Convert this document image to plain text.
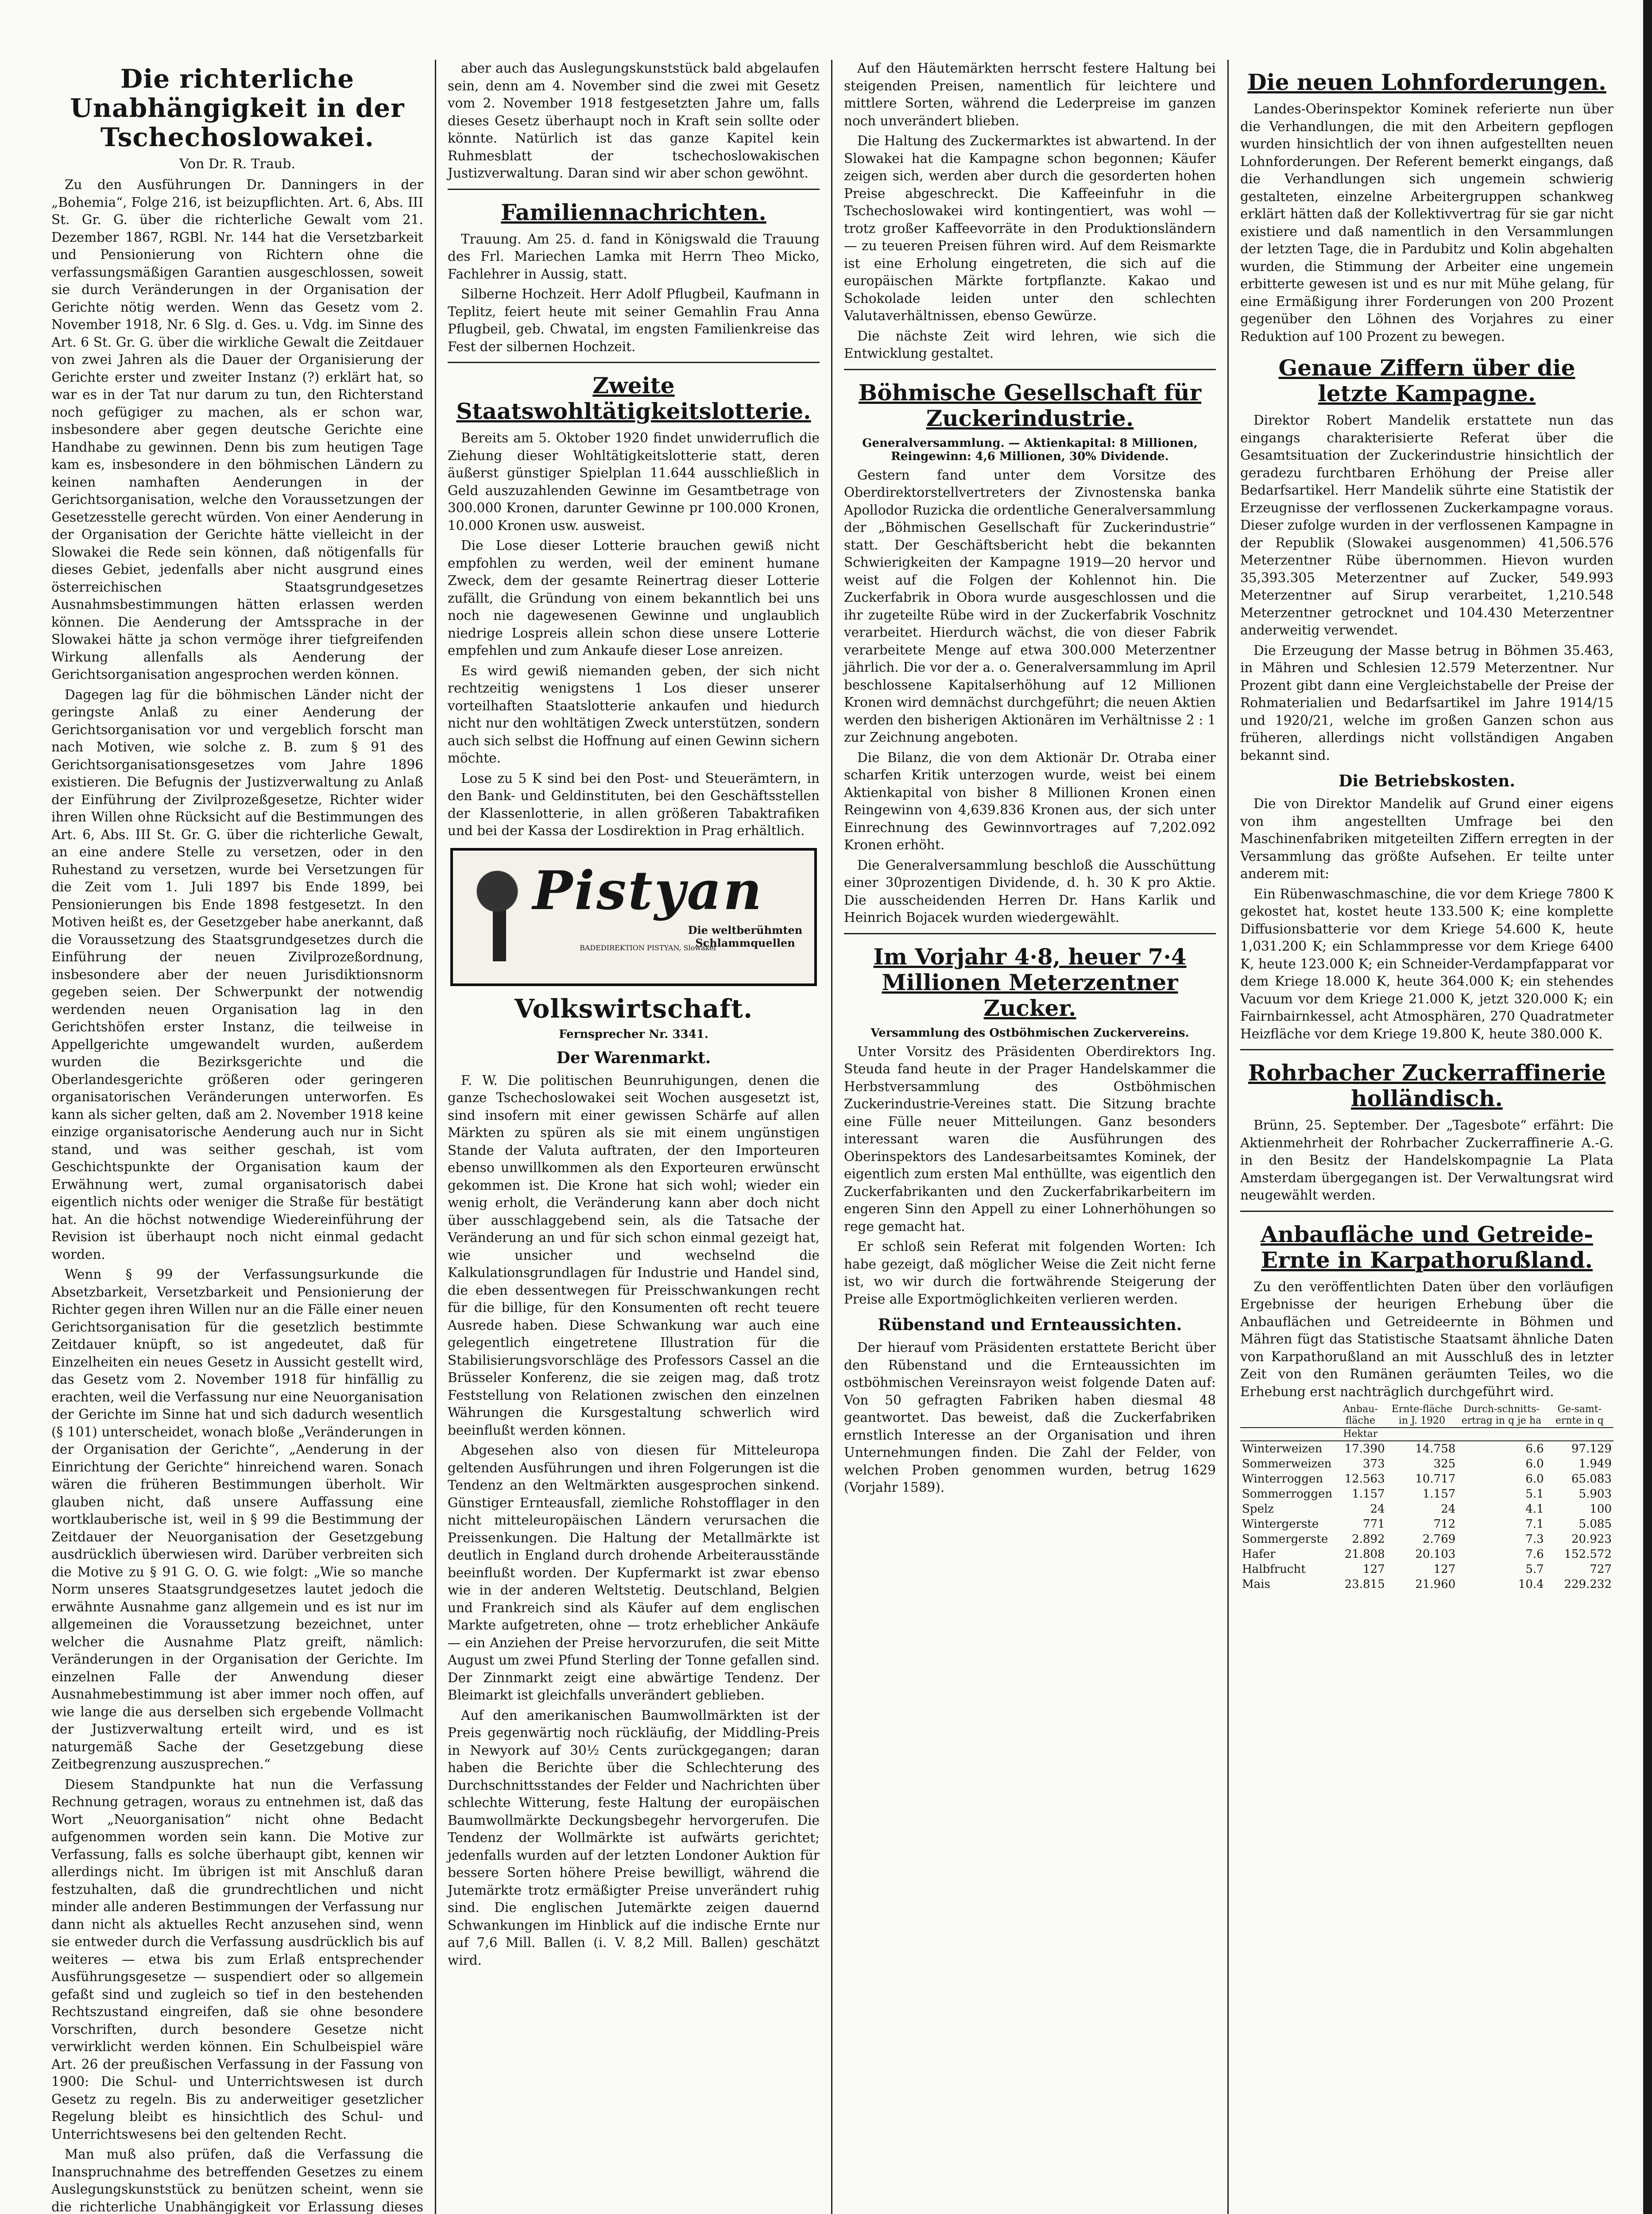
Die richterliche Unabhängigkeit in der Tschechoslowakei.
Von Dr. R. Traub.

Zu den Ausführungen Dr. Danningers in der „Bohemia“, Folge 216, ist beizupflichten. Art. 6, Abs. III St. Gr. G. über die richterliche Gewalt vom 21. Dezember 1867, RGBl. Nr. 144 hat die Versetzbarkeit und Pensionierung von Richtern ohne die verfassungsmäßigen Garantien ausgeschlossen, soweit sie durch Veränderungen in der Organisation der Gerichte nötig werden. Wenn das Gesetz vom 2. November 1918, Nr. 6 Slg. d. Ges. u. Vdg. im Sinne des Art. 6 St. Gr. G. über die wirkliche Gewalt die Zeitdauer von zwei Jahren als die Dauer der Organisierung der Gerichte erster und zweiter Instanz (?) erklärt hat, so war es in der Tat nur darum zu tun, den Richterstand noch gefügiger zu machen, als er schon war, insbesondere aber gegen deutsche Gerichte eine Handhabe zu gewinnen. Denn bis zum heutigen Tage kam es, insbesondere in den böhmischen Ländern zu keinen namhaften Aenderungen in der Gerichtsorganisation, welche den Voraussetzungen der Gesetzesstelle gerecht würden. Von einer Aenderung in der Organisation der Gerichte hätte vielleicht in der Slowakei die Rede sein können, daß nötigenfalls für dieses Gebiet, jedenfalls aber nicht ausgrund eines österreichischen Staatsgrundgesetzes Ausnahmsbestimmungen hätten erlassen werden können. Die Aenderung der Amtssprache in der Slowakei hätte ja schon vermöge ihrer tiefgreifenden Wirkung allenfalls als Aenderung der Gerichtsorganisation angesprochen werden können.

Dagegen lag für die böhmischen Länder nicht der geringste Anlaß zu einer Aenderung der Gerichtsorganisation vor und vergeblich forscht man nach Motiven, wie solche z. B. zum § 91 des Gerichtsorganisationsgesetzes vom Jahre 1896 existieren. Die Befugnis der Justizverwaltung zu Anlaß der Einführung der Zivilprozeßgesetze, Richter wider ihren Willen ohne Rücksicht auf die Bestimmungen des Art. 6, Abs. III St. Gr. G. über die richterliche Gewalt, an eine andere Stelle zu versetzen, oder in den Ruhestand zu versetzen, wurde bei Versetzungen für die Zeit vom 1. Juli 1897 bis Ende 1899, bei Pensionierungen bis Ende 1898 festgesetzt. In den Motiven heißt es, der Gesetzgeber habe anerkannt, daß die Voraussetzung des Staatsgrundgesetzes durch die Einführung der neuen Zivilprozeßordnung, insbesondere aber der neuen Jurisdiktionsnorm gegeben seien. Der Schwerpunkt der notwendig werdenden neuen Organisation lag in den Gerichtshöfen erster Instanz, die teilweise in Appellgerichte umgewandelt wurden, außerdem wurden die Bezirksgerichte und die Oberlandesgerichte größeren oder geringeren organisatorischen Veränderungen unterworfen. Es kann als sicher gelten, daß am 2. November 1918 keine einzige organisatorische Aenderung auch nur in Sicht stand, und was seither geschah, ist vom Geschichtspunkte der Organisation kaum der Erwähnung wert, zumal organisatorisch dabei eigentlich nichts oder weniger die Straße für bestätigt hat. An die höchst notwendige Wiedereinführung der Revision ist überhaupt noch nicht einmal gedacht worden.

Wenn § 99 der Verfassungsurkunde die Absetzbarkeit, Versetzbarkeit und Pensionierung der Richter gegen ihren Willen nur an die Fälle einer neuen Gerichtsorganisation für die gesetzlich bestimmte Zeitdauer knüpft, so ist angedeutet, daß für Einzelheiten ein neues Gesetz in Aussicht gestellt wird, das Gesetz vom 2. November 1918 für hinfällig zu erachten, weil die Verfassung nur eine Neuorganisation der Gerichte im Sinne hat und sich dadurch wesentlich (§ 101) unterscheidet, wonach bloße „Veränderungen in der Organisation der Gerichte“, „Aenderung in der Einrichtung der Gerichte“ hinreichend waren. Sonach wären die früheren Bestimmungen überholt. Wir glauben nicht, daß unsere Auffassung eine wortklauberische ist, weil in § 99 die Bestimmung der Zeitdauer der Neuorganisation der Gesetzgebung ausdrücklich überwiesen wird. Darüber verbreiten sich die Motive zu § 91 G. O. G. wie folgt: „Wie so manche Norm unseres Staatsgrundgesetzes lautet jedoch die erwähnte Ausnahme ganz allgemein und es ist nur im allgemeinen die Voraussetzung bezeichnet, unter welcher die Ausnahme Platz greift, nämlich: Veränderungen in der Organisation der Gerichte. Im einzelnen Falle der Anwendung dieser Ausnahmebestimmung ist aber immer noch offen, auf wie lange die aus derselben sich ergebende Vollmacht der Justizverwaltung erteilt wird, und es ist naturgemäß Sache der Gesetzgebung diese Zeitbegrenzung auszusprechen.“

Diesem Standpunkte hat nun die Verfassung Rechnung getragen, woraus zu entnehmen ist, daß das Wort „Neuorganisation“ nicht ohne Bedacht aufgenommen worden sein kann. Die Motive zur Verfassung, falls es solche überhaupt gibt, kennen wir allerdings nicht. Im übrigen ist mit Anschluß daran festzuhalten, daß die grundrechtlichen und nicht minder alle anderen Bestimmungen der Verfassung nur dann nicht als aktuelles Recht anzusehen sind, wenn sie entweder durch die Verfassung ausdrücklich bis auf weiteres — etwa bis zum Erlaß entsprechender Ausführungsgesetze — suspendiert oder so allgemein gefaßt sind und zugleich so tief in den bestehenden Rechtszustand eingreifen, daß sie ohne besondere Vorschriften, durch besondere Gesetze nicht verwirklicht werden können. Ein Schulbeispiel wäre Art. 26 der preußischen Verfassung in der Fassung von 1900: Die Schul- und Unterrichtswesen ist durch Gesetz zu regeln. Bis zu anderweitiger gesetzlicher Regelung bleibt es hinsichtlich des Schul- und Unterrichtswesens bei den geltenden Recht.

Man muß also prüfen, daß die Verfassung die Inanspruchnahme des betreffenden Gesetzes zu einem Auslegungskunststück zu benützen scheint, wenn sie die richterliche Unabhängigkeit vor Erlassung dieses

aber auch das Auslegungskunststück bald abgelaufen sein, denn am 4. November sind die zwei mit Gesetz vom 2. November 1918 festgesetzten Jahre um, falls dieses Gesetz überhaupt noch in Kraft sein sollte oder könnte. Natürlich ist das ganze Kapitel kein Ruhmesblatt der tschechoslowakischen Justizverwaltung. Daran sind wir aber schon gewöhnt.

Familiennachrichten.

Trauung. Am 25. d. fand in Königswald die Trauung des Frl. Mariechen Lamka mit Herrn Theo Micko, Fachlehrer in Aussig, statt.

Silberne Hochzeit. Herr Adolf Pflugbeil, Kaufmann in Teplitz, feiert heute mit seiner Gemahlin Frau Anna Pflugbeil, geb. Chwatal, im engsten Familienkreise das Fest der silbernen Hochzeit.

Zweite Staatswohltätigkeitslotterie.

Bereits am 5. Oktober 1920 findet unwiderruflich die Ziehung dieser Wohltätigkeitslotterie statt, deren äußerst günstiger Spielplan 11.644 ausschließlich in Geld auszuzahlenden Gewinne im Gesamtbetrage von 300.000 Kronen, darunter Gewinne pr 100.000 Kronen, 10.000 Kronen usw. ausweist.

Die Lose dieser Lotterie brauchen gewiß nicht empfohlen zu werden, weil der eminent humane Zweck, dem der gesamte Reinertrag dieser Lotterie zufällt, die Gründung von einem bekanntlich bei uns noch nie dagewesenen Gewinne und unglaublich niedrige Lospreis allein schon diese unsere Lotterie empfehlen und zum Ankaufe dieser Lose anreizen.

Es wird gewiß niemanden geben, der sich nicht rechtzeitig wenigstens 1 Los dieser unserer vorteilhaften Staatslotterie ankaufen und hiedurch nicht nur den wohltätigen Zweck unterstützen, sondern auch sich selbst die Hoffnung auf einen Gewinn sichern möchte.

Lose zu 5 K sind bei den Post- und Steuerämtern, in den Bank- und Geldinstituten, bei den Geschäftsstellen der Klassenlotterie, in allen größeren Tabaktrafiken und bei der Kassa der Losdirektion in Prag erhältlich.

Pistyan
Die weltberühmten Schlammquellen
BADEDIREKTION PISTYAN, Slowakei
Volkswirtschaft.
Fernsprecher Nr. 3341.
Der Warenmarkt.

F. W. Die politischen Beunruhigungen, denen die ganze Tschechoslowakei seit Wochen ausgesetzt ist, sind insofern mit einer gewissen Schärfe auf allen Märkten zu spüren als sie mit einem ungünstigen Stande der Valuta auftraten, der den Importeuren ebenso unwillkommen als den Exporteuren erwünscht gekommen ist. Die Krone hat sich wohl; wieder ein wenig erholt, die Veränderung kann aber doch nicht über ausschlaggebend sein, als die Tatsache der Veränderung an und für sich schon einmal gezeigt hat, wie unsicher und wechselnd die Kalkulationsgrundlagen für Industrie und Handel sind, die eben dessentwegen für Preisschwankungen recht für die billige, für den Konsumenten oft recht teuere Ausrede haben. Diese Schwankung war auch eine gelegentlich eingetretene Illustration für die Stabilisierungsvorschläge des Professors Cassel an die Brüsseler Konferenz, die sie zeigen mag, daß trotz Feststellung von Relationen zwischen den einzelnen Währungen die Kursgestaltung schwerlich wird beeinflußt werden können.

Abgesehen also von diesen für Mitteleuropa geltenden Ausführungen und ihren Folgerungen ist die Tendenz an den Weltmärkten ausgesprochen sinkend. Günstiger Ernteausfall, ziemliche Rohstofflager in den nicht mitteleuropäischen Ländern verursachen die Preissenkungen. Die Haltung der Metallmärkte ist deutlich in England durch drohende Arbeiterausstände beeinflußt worden. Der Kupfermarkt ist zwar ebenso wie in der anderen Weltstetig. Deutschland, Belgien und Frankreich sind als Käufer auf dem englischen Markte aufgetreten, ohne — trotz erheblicher Ankäufe — ein Anziehen der Preise hervorzurufen, die seit Mitte August um zwei Pfund Sterling der Tonne gefallen sind. Der Zinnmarkt zeigt eine abwärtige Tendenz. Der Bleimarkt ist gleichfalls unverändert geblieben.

Auf den amerikanischen Baumwollmärkten ist der Preis gegenwärtig noch rückläufig, der Middling-Preis in Newyork auf 30½ Cents zurückgegangen; daran haben die Berichte über die Schlechterung des Durchschnittsstandes der Felder und Nachrichten über schlechte Witterung, feste Haltung der europäischen Baumwollmärkte Deckungsbegehr hervorgerufen. Die Tendenz der Wollmärkte ist aufwärts gerichtet; jedenfalls wurden auf der letzten Londoner Auktion für bessere Sorten höhere Preise bewilligt, während die Jutemärkte trotz ermäßigter Preise unverändert ruhig sind. Die englischen Jutemärkte zeigen dauernd Schwankungen im Hinblick auf die indische Ernte nur auf 7,6 Mill. Ballen (i. V. 8,2 Mill. Ballen) geschätzt wird.

Auf den Häutemärkten herrscht festere Haltung bei steigenden Preisen, namentlich für leichtere und mittlere Sorten, während die Lederpreise im ganzen noch unverändert blieben.

Die Haltung des Zuckermarktes ist abwartend. In der Slowakei hat die Kampagne schon begonnen; Käufer zeigen sich, werden aber durch die gesorderten hohen Preise abgeschreckt. Die Kaffeeinfuhr in die Tschechoslowakei wird kontingentiert, was wohl — trotz großer Kaffeevorräte in den Produktionsländern — zu teueren Preisen führen wird. Auf dem Reismarkte ist eine Erholung eingetreten, die sich auf die europäischen Märkte fortpflanzte. Kakao und Schokolade leiden unter den schlechten Valutaverhältnissen, ebenso Gewürze.

Die nächste Zeit wird lehren, wie sich die Entwicklung gestaltet.

Böhmische Gesellschaft für Zuckerindustrie.
Generalversammlung. — Aktienkapital: 8 Millionen, Reingewinn: 4,6 Millionen, 30% Dividende.

Gestern fand unter dem Vorsitze des Oberdirektorstellvertreters der Zivnostenska banka Apollodor Ruzicka die ordentliche Generalversammlung der „Böhmischen Gesellschaft für Zuckerindustrie“ statt. Der Geschäftsbericht hebt die bekannten Schwierigkeiten der Kampagne 1919—20 hervor und weist auf die Folgen der Kohlennot hin. Die Zuckerfabrik in Obora wurde ausgeschlossen und die ihr zugeteilte Rübe wird in der Zuckerfabrik Voschnitz verarbeitet. Hierdurch wächst, die von dieser Fabrik verarbeitete Menge auf etwa 300.000 Meterzentner jährlich. Die vor der a. o. Generalversammlung im April beschlossene Kapitalserhöhung auf 12 Millionen Kronen wird demnächst durchgeführt; die neuen Aktien werden den bisherigen Aktionären im Verhältnisse 2 : 1 zur Zeichnung angeboten.

Die Bilanz, die von dem Aktionär Dr. Otraba einer scharfen Kritik unterzogen wurde, weist bei einem Aktienkapital von bisher 8 Millionen Kronen einen Reingewinn von 4,639.836 Kronen aus, der sich unter Einrechnung des Gewinnvortrages auf 7,202.092 Kronen erhöht.

Die Generalversammlung beschloß die Ausschüttung einer 30prozentigen Dividende, d. h. 30 K pro Aktie. Die ausscheidenden Herren Dr. Hans Karlik und Heinrich Bojacek wurden wiedergewählt.

Im Vorjahr 4·8, heuer 7·4 Millionen Meterzentner Zucker.
Versammlung des Ostböhmischen Zuckervereins.

Unter Vorsitz des Präsidenten Oberdirektors Ing. Steuda fand heute in der Prager Handelskammer die Herbstversammlung des Ostböhmischen Zuckerindustrie-Vereines statt. Die Sitzung brachte eine Fülle neuer Mitteilungen. Ganz besonders interessant waren die Ausführungen des Oberinspektors des Landesarbeitsamtes Kominek, der eigentlich zum ersten Mal enthüllte, was eigentlich den Zuckerfabrikanten und den Zuckerfabrikarbeitern im engeren Sinn den Appell zu einer Lohnerhöhungen so rege gemacht hat.

Er schloß sein Referat mit folgenden Worten: Ich habe gezeigt, daß möglicher Weise die Zeit nicht ferne ist, wo wir durch die fortwährende Steigerung der Preise alle Exportmöglichkeiten verlieren werden.

Rübenstand und Ernteaussichten.

Der hierauf vom Präsidenten erstattete Bericht über den Rübenstand und die Ernteaussichten im ostböhmischen Vereinsrayon weist folgende Daten auf: Von 50 gefragten Fabriken haben diesmal 48 geantwortet. Das beweist, daß die Zuckerfabriken ernstlich Interesse an der Organisation und ihren Unternehmungen finden. Die Zahl der Felder, von welchen Proben genommen wurden, betrug 1629 (Vorjahr 1589).

Die neuen Lohnforderungen.

Landes-Oberinspektor Kominek referierte nun über die Verhandlungen, die mit den Arbeitern gepflogen wurden hinsichtlich der von ihnen aufgestellten neuen Lohnforderungen. Der Referent bemerkt eingangs, daß die Verhandlungen sich ungemein schwierig gestalteten, einzelne Arbeitergruppen schankweg erklärt hätten daß der Kollektivvertrag für sie gar nicht existiere und daß namentlich in den Versammlungen der letzten Tage, die in Pardubitz und Kolin abgehalten wurden, die Stimmung der Arbeiter eine ungemein erbitterte gewesen ist und es nur mit Mühe gelang, für eine Ermäßigung ihrer Forderungen von 200 Prozent gegenüber den Löhnen des Vorjahres zu einer Reduktion auf 100 Prozent zu bewegen.

Genaue Ziffern über die letzte Kampagne.

Direktor Robert Mandelik erstattete nun das eingangs charakterisierte Referat über die Gesamtsituation der Zuckerindustrie hinsichtlich der geradezu furchtbaren Erhöhung der Preise aller Bedarfsartikel. Herr Mandelik sührte eine Statistik der Erzeugnisse der verflossenen Zuckerkampagne voraus. Dieser zufolge wurden in der verflossenen Kampagne in der Republik (Slowakei ausgenommen) 41,506.576 Meterzentner Rübe übernommen. Hievon wurden 35,393.305 Meterzentner auf Zucker, 549.993 Meterzentner auf Sirup verarbeitet, 1,210.548 Meterzentner getrocknet und 104.430 Meterzentner anderweitig verwendet.

Die Erzeugung der Masse betrug in Böhmen 35.463, in Mähren und Schlesien 12.579 Meterzentner. Nur Prozent gibt dann eine Vergleichstabelle der Preise der Rohmaterialien und Bedarfsartikel im Jahre 1914/15 und 1920/21, welche im großen Ganzen schon aus früheren, allerdings nicht vollständigen Angaben bekannt sind.

Die Betriebskosten.

Die von Direktor Mandelik auf Grund einer eigens von ihm angestellten Umfrage bei den Maschinenfabriken mitgeteilten Ziffern erregten in der Versammlung das größte Aufsehen. Er teilte unter anderem mit:

Ein Rübenwaschmaschine, die vor dem Kriege 7800 K gekostet hat, kostet heute 133.500 K; eine komplette Diffusionsbatterie vor dem Kriege 54.600 K, heute 1,031.200 K; ein Schlammpresse vor dem Kriege 6400 K, heute 123.000 K; ein Schneider-Verdampfapparat vor dem Kriege 18.000 K, heute 364.000 K; ein stehendes Vacuum vor dem Kriege 21.000 K, jetzt 320.000 K; ein Fairnbairnkessel, acht Atmosphären, 270 Quadratmeter Heizfläche vor dem Kriege 19.800 K, heute 380.000 K.

Rohrbacher Zuckerraffinerie holländisch.

Brünn, 25. September. Der „Tagesbote“ erfährt: Die Aktienmehrheit der Rohrbacher Zuckerraffinerie A.-G. in den Besitz der Handelskompagnie La Plata Amsterdam übergegangen ist. Der Verwaltungsrat wird neugewählt werden.

Anbaufläche und Getreide-Ernte in Karpathorußland.

Zu den veröffentlichten Daten über den vorläufigen Ergebnisse der heurigen Erhebung über die Anbauflächen und Getreideernte in Böhmen und Mähren fügt das Statistische Staatsamt ähnliche Daten von Karpathorußland an mit Ausschluß des in letzter Zeit von den Rumänen geräumten Teiles, wo die Erhebung erst nachträglich durchgeführt wird.

	Anbau-fläche	Ernte-fläche in J. 1920	Durch-schnitts-ertrag in q je ha	Ge-samt-ernte in q
	Hektar			
Winterweizen	17.390	14.758	6.6	97.129
Sommerweizen	373	325	6.0	1.949
Winterroggen	12.563	10.717	6.0	65.083
Sommerroggen	1.157	1.157	5.1	5.903
Spelz	24	24	4.1	100
Wintergerste	771	712	7.1	5.085
Sommergerste	2.892	2.769	7.3	20.923
Hafer	21.808	20.103	7.6	152.572
Halbfrucht	127	127	5.7	727
Mais	23.815	21.960	10.4	229.232
